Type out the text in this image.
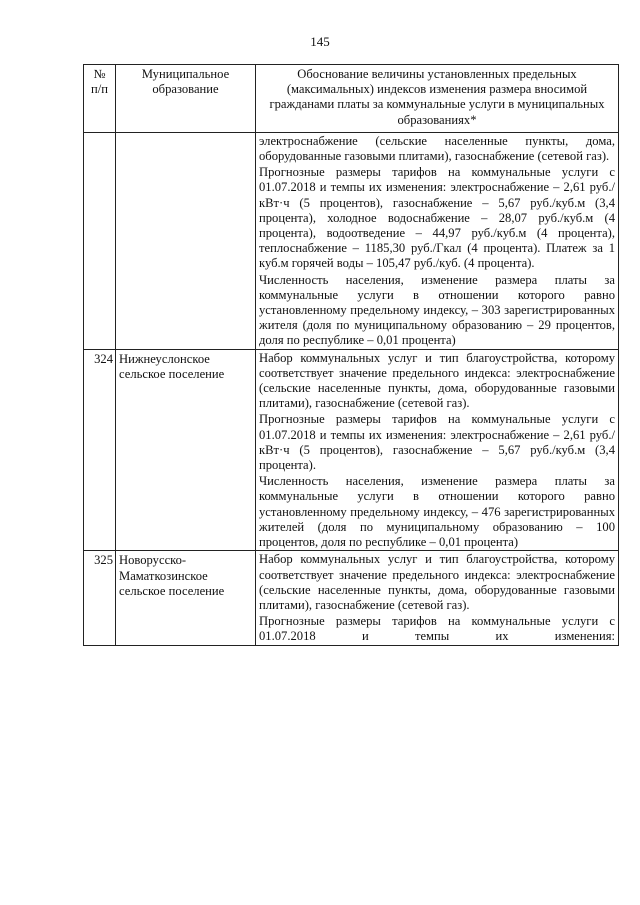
145
№ п/п	Муниципальное образование	Обоснование величины установленных предельных (максимальных) индексов изменения размера вносимой гражданами платы за коммунальные услуги в муниципальных образованиях*

		электроснабжение (сельские населенные пункты, дома, оборудованные газовыми плитами), газоснабжение (сетевой газ).

Прогнозные размеры тарифов на коммунальные услуги с 01.07.2018 и темпы их изменения: электроснабжение – 2,61 руб./кВт·ч (5 процентов), газоснабжение – 5,67 руб./куб.м (3,4 процента), холодное водоснабжение – 28,07 руб./куб.м (4 процента), водоотведение – 44,97 руб./куб.м (4 процента), теплоснабжение – 1185,30 руб./Гкал (4 процента). Платеж за 1 куб.м горячей воды – 105,47 руб./куб. (4 процента).

Численность населения, изменение размера платы за коммунальные услуги в отношении которого равно установленному предельному индексу, – 303 зарегистрированных жителя (доля по муниципальному образованию – 29 процентов, доля по республике – 0,01 процента)

324	Нижнеуслонское сельское поселение	Набор коммунальных услуг и тип благоустройства, которому соответствует значение предельного индекса: электроснабжение (сельские населенные пункты, дома, оборудованные газовыми плитами), газоснабжение (сетевой газ).

Прогнозные размеры тарифов на коммунальные услуги с 01.07.2018 и темпы их изменения: электроснабжение – 2,61 руб./кВт·ч (5 процентов), газоснабжение – 5,67 руб./куб.м (3,4 процента).

Численность населения, изменение размера платы за коммунальные услуги в отношении которого равно установленному предельному индексу, – 476 зарегистрированных жителей (доля по муниципальному образованию – 100 процентов, доля по республике – 0,01 процента)

325	Новорусско-Маматкозинское сельское поселение	Набор коммунальных услуг и тип благоустройства, которому соответствует значение предельного индекса: электроснабжение (сельские населенные пункты, дома, оборудованные газовыми плитами), газоснабжение (сетевой газ).

Прогнозные размеры тарифов на коммунальные услуги с 01.07.2018 и темпы их изменения:
